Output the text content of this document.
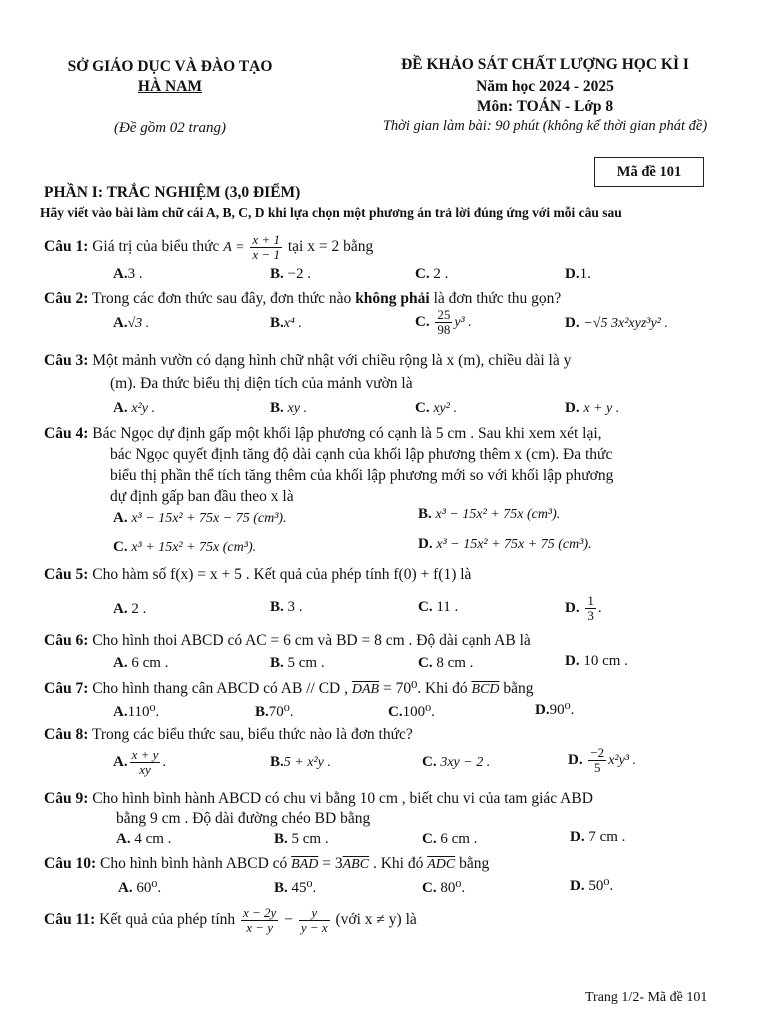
SỞ GIÁO DỤC VÀ ĐÀO TẠO
HÀ NAM
(Đề gồm 02 trang)
ĐỀ KHẢO SÁT CHẤT LƯỢNG HỌC KÌ I
Năm học 2024 - 2025
Môn: TOÁN - Lớp 8
Thời gian làm bài: 90 phút (không kể thời gian phát đề)
Mã đề 101
PHẦN I: TRẮC NGHIỆM (3,0 ĐIỂM)
Hãy viết vào bài làm chữ cái A, B, C, D khi lựa chọn một phương án trả lời đúng ứng với mỗi câu sau
Câu 1: Giá trị của biểu thức $A = \frac{x + 1}{x - 1}$ tại x = 2 bằng
A.3 .	B. −2 .	C. 2 .	D.1.
Câu 2: Trong các đơn thức sau đây, đơn thức nào không phải là đơn thức thu gọn?
A.√3 .	B.x⁴ .	C. $\frac{25}{98} y^3$ .	D. −√5 3x²xyz³y² .
Câu 3: Một mảnh vườn có dạng hình chữ nhật với chiều rộng là x (m), chiều dài là y
(m). Đa thức biểu thị diện tích của mảnh vườn là
A. x²y .	B. xy .	C. xy² .	D. x + y .
Câu 4: Bác Ngọc dự định gấp một khối lập phương có cạnh là 5 cm . Sau khi xem xét lại,
bác Ngọc quyết định tăng độ dài cạnh của khối lập phương thêm x (cm). Đa thức
biểu thị phần thể tích tăng thêm của khối lập phương mới so với khối lập phương
dự định gấp ban đầu theo x là
A. x³ − 15x² + 75x − 75 (cm³).	B. x³ − 15x² + 75x (cm³).
C. x³ + 15x² + 75x (cm³).	D. x³ − 15x² + 75x + 75 (cm³).
Câu 5: Cho hàm số f(x) = x + 5 . Kết quả của phép tính f(0) + f(1) là
A. 2 .	B. 3 .	C. 11 .	D. $\frac{1}{3}$ .
Câu 6: Cho hình thoi ABCD có AC = 6 cm và BD = 8 cm . Độ dài cạnh AB là
A. 6 cm .	B. 5 cm .	C. 8 cm .	D. 10 cm .
Câu 7: Cho hình thang cân ABCD có AB // CD , $\overline{DAB} = 70^0$. Khi đó $\overline{BCD}$ bằng
A.110⁰.	B.70⁰.	C.100⁰.	D.90⁰.
Câu 8: Trong các biểu thức sau, biểu thức nào là đơn thức?
A. $\frac{x + y}{xy}$ .	B.5 + x²y .	C. 3xy − 2 .	D. $\frac{-2}{5} x^2y^3$ .
Câu 9: Cho hình bình hành ABCD có chu vi bằng 10 cm , biết chu vi của tam giác ABD
bằng 9 cm . Độ dài đường chéo BD bằng
A. 4 cm .	B. 5 cm .	C. 6 cm .	D. 7 cm .
Câu 10: Cho hình bình hành ABCD có $\overline{BAD} = 3\overline{ABC}$ . Khi đó $\overline{ADC}$ bằng
A. 60⁰.	B. 45⁰.	C. 80⁰.	D. 50⁰.
Câu 11: Kết quả của phép tính $\frac{x - 2y}{x - y} - \frac{y}{y - x}$ (với x ≠ y) là
Trang 1/2- Mã đề 101
